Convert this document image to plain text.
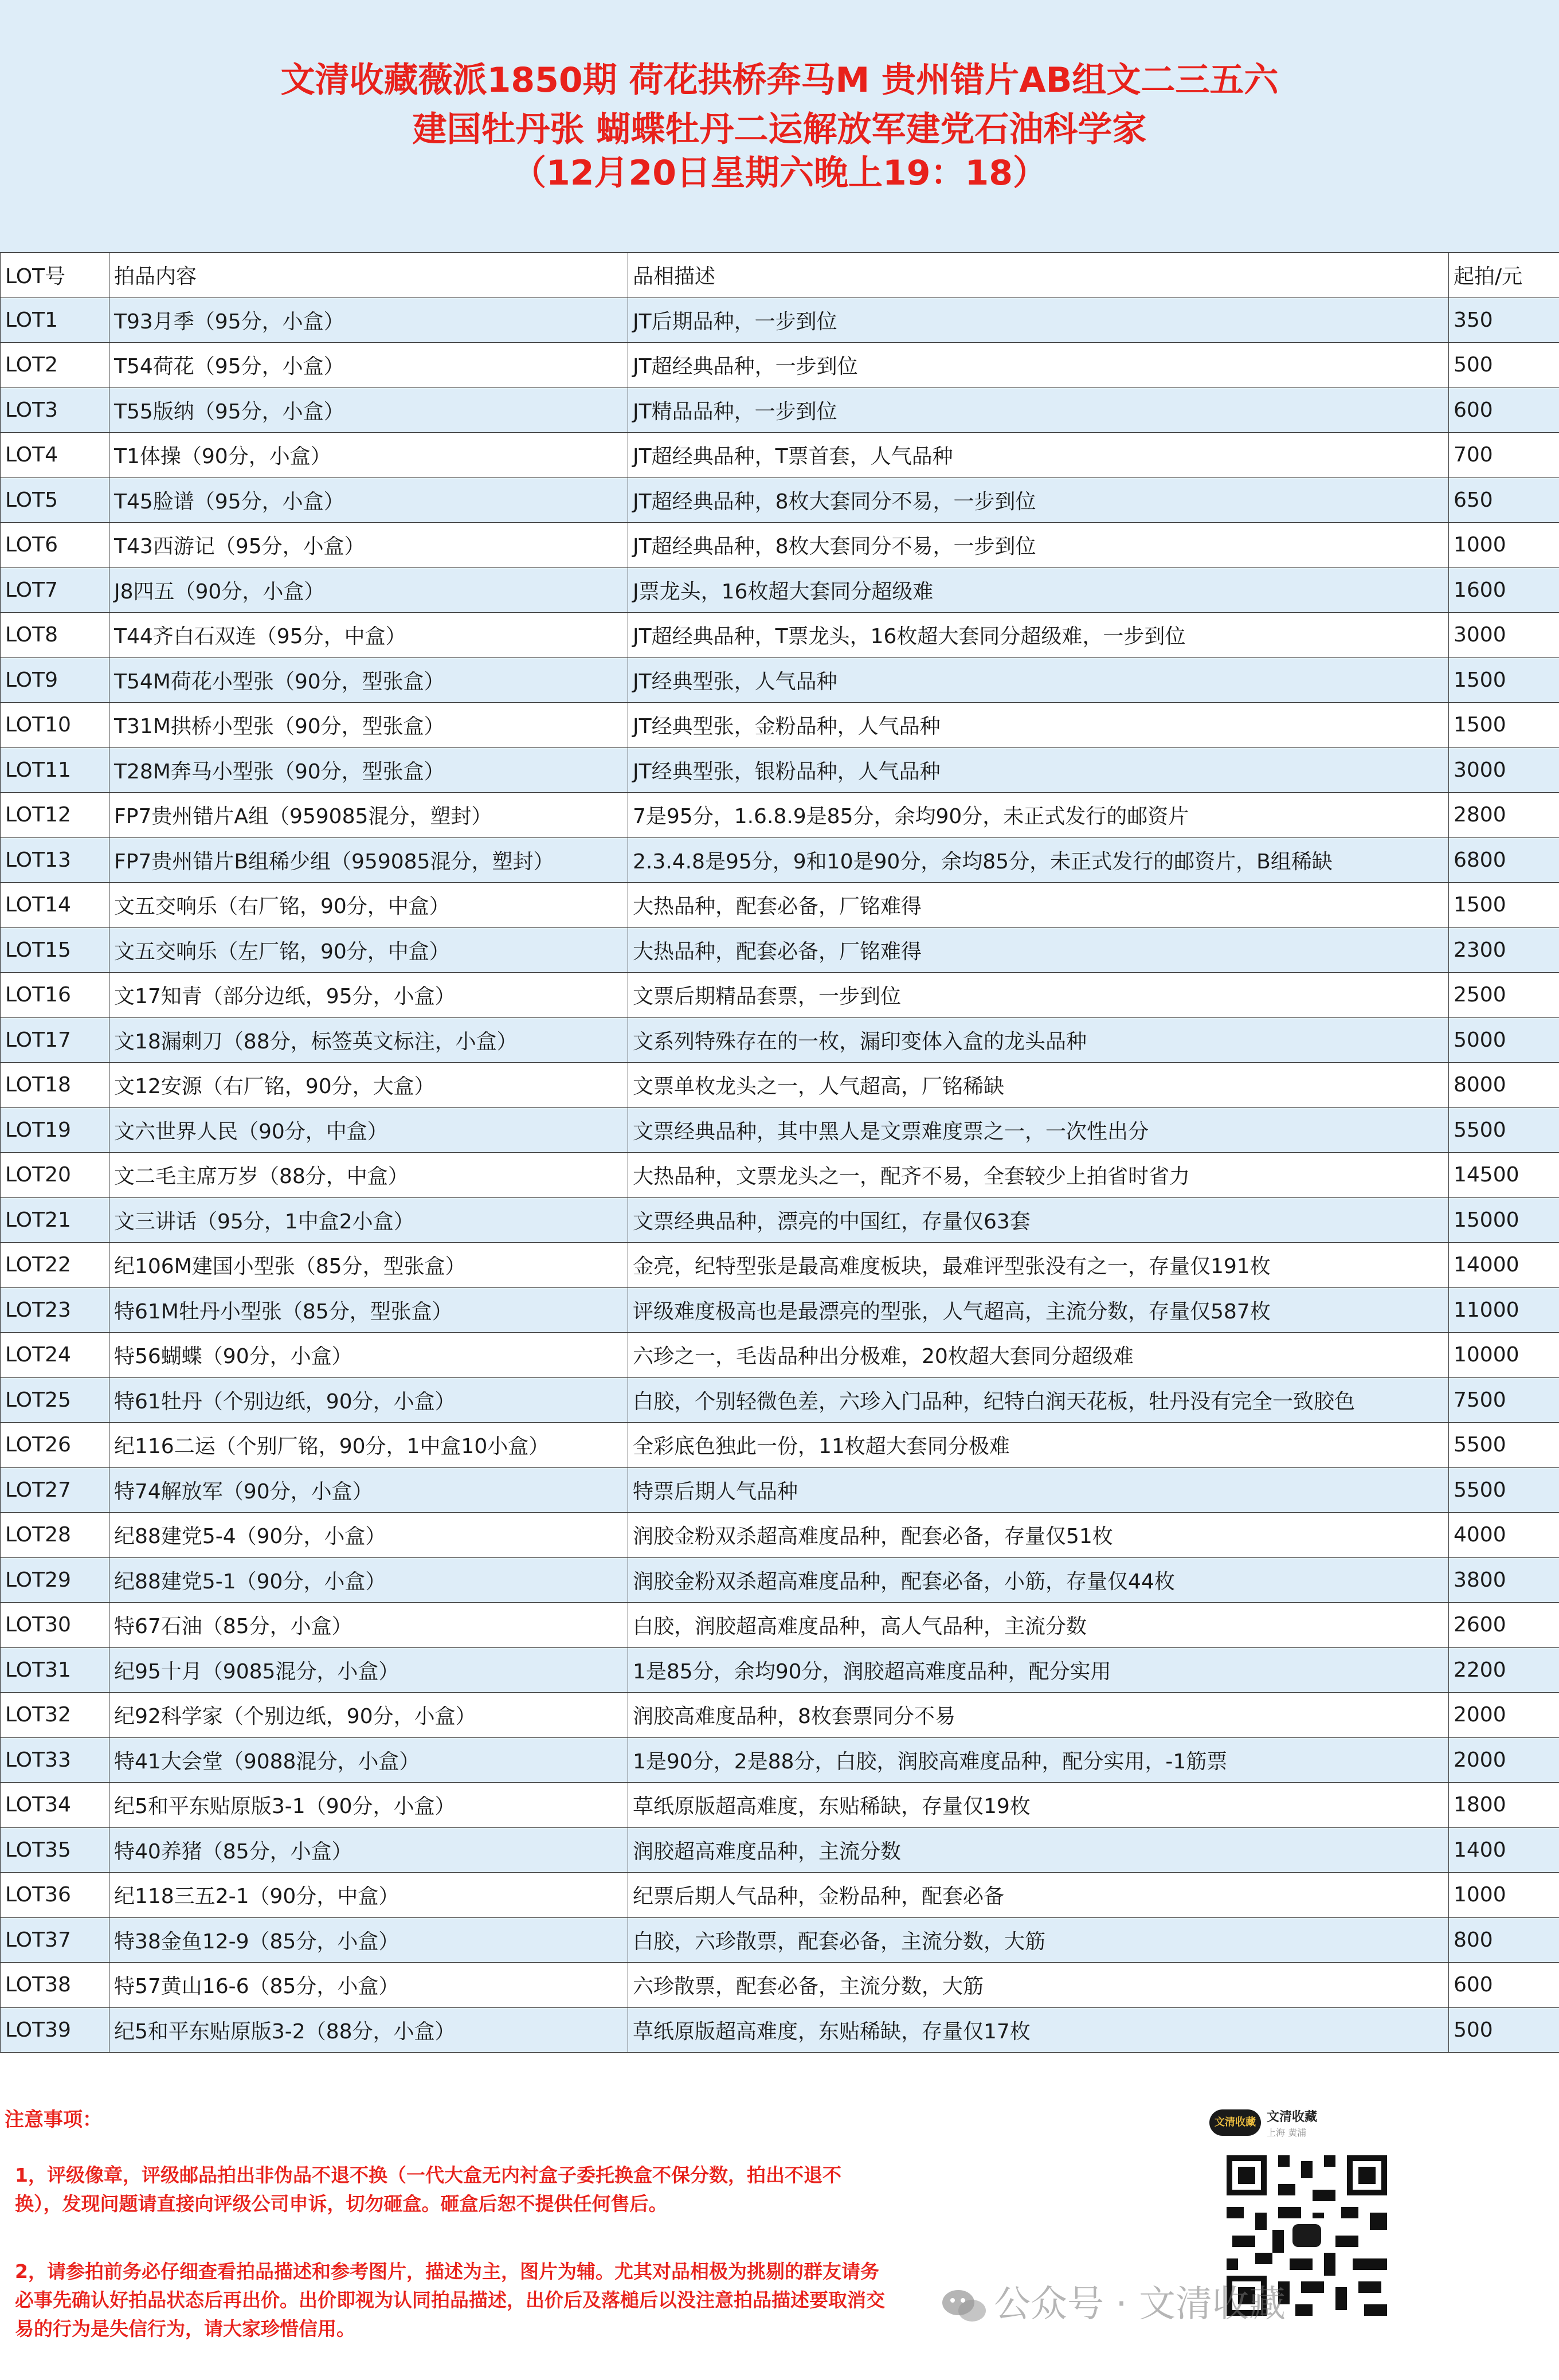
文清收藏薇派1850期 荷花拱桥奔马M 贵州错片AB组文二三五六
建国牡丹张 蝴蝶牡丹二运解放军建党石油科学家
（12月20日星期六晚上19：18）
LOT号	拍品内容	品相描述	起拍/元
LOT1	T93月季（95分，小盒）	JT后期品种，一步到位	350
LOT2	T54荷花（95分，小盒）	JT超经典品种，一步到位	500
LOT3	T55版纳（95分，小盒）	JT精品品种，一步到位	600
LOT4	T1体操（90分，小盒）	JT超经典品种，T票首套，人气品种	700
LOT5	T45脸谱（95分，小盒）	JT超经典品种，8枚大套同分不易，一步到位	650
LOT6	T43西游记（95分，小盒）	JT超经典品种，8枚大套同分不易，一步到位	1000
LOT7	J8四五（90分，小盒）	J票龙头，16枚超大套同分超级难	1600
LOT8	T44齐白石双连（95分，中盒）	JT超经典品种，T票龙头，16枚超大套同分超级难，一步到位	3000
LOT9	T54M荷花小型张（90分，型张盒）	JT经典型张，人气品种	1500
LOT10	T31M拱桥小型张（90分，型张盒）	JT经典型张，金粉品种，人气品种	1500
LOT11	T28M奔马小型张（90分，型张盒）	JT经典型张，银粉品种，人气品种	3000
LOT12	FP7贵州错片A组（959085混分，塑封）	7是95分，1.6.8.9是85分，余均90分，未正式发行的邮资片	2800
LOT13	FP7贵州错片B组稀少组（959085混分，塑封）	2.3.4.8是95分，9和10是90分，余均85分，未正式发行的邮资片，B组稀缺	6800
LOT14	文五交响乐（右厂铭，90分，中盒）	大热品种，配套必备，厂铭难得	1500
LOT15	文五交响乐（左厂铭，90分，中盒）	大热品种，配套必备，厂铭难得	2300
LOT16	文17知青（部分边纸，95分，小盒）	文票后期精品套票，一步到位	2500
LOT17	文18漏刺刀（88分，标签英文标注，小盒）	文系列特殊存在的一枚，漏印变体入盒的龙头品种	5000
LOT18	文12安源（右厂铭，90分，大盒）	文票单枚龙头之一，人气超高，厂铭稀缺	8000
LOT19	文六世界人民（90分，中盒）	文票经典品种，其中黑人是文票难度票之一，一次性出分	5500
LOT20	文二毛主席万岁（88分，中盒）	大热品种，文票龙头之一，配齐不易，全套较少上拍省时省力	14500
LOT21	文三讲话（95分，1中盒2小盒）	文票经典品种，漂亮的中国红，存量仅63套	15000
LOT22	纪106M建国小型张（85分，型张盒）	金亮，纪特型张是最高难度板块，最难评型张没有之一，存量仅191枚	14000
LOT23	特61M牡丹小型张（85分，型张盒）	评级难度极高也是最漂亮的型张，人气超高，主流分数，存量仅587枚	11000
LOT24	特56蝴蝶（90分，小盒）	六珍之一，毛齿品种出分极难，20枚超大套同分超级难	10000
LOT25	特61牡丹（个别边纸，90分，小盒）	白胶，个别轻微色差，六珍入门品种，纪特白润天花板，牡丹没有完全一致胶色	7500
LOT26	纪116二运（个别厂铭，90分，1中盒10小盒）	全彩底色独此一份，11枚超大套同分极难	5500
LOT27	特74解放军（90分，小盒）	特票后期人气品种	5500
LOT28	纪88建党5-4（90分，小盒）	润胶金粉双杀超高难度品种，配套必备，存量仅51枚	4000
LOT29	纪88建党5-1（90分，小盒）	润胶金粉双杀超高难度品种，配套必备，小筋，存量仅44枚	3800
LOT30	特67石油（85分，小盒）	白胶，润胶超高难度品种，高人气品种，主流分数	2600
LOT31	纪95十月（9085混分，小盒）	1是85分，余均90分，润胶超高难度品种，配分实用	2200
LOT32	纪92科学家（个别边纸，90分，小盒）	润胶高难度品种，8枚套票同分不易	2000
LOT33	特41大会堂（9088混分，小盒）	1是90分，2是88分，白胶，润胶高难度品种，配分实用，-1筋票	2000
LOT34	纪5和平东贴原版3-1（90分，小盒）	草纸原版超高难度，东贴稀缺，存量仅19枚	1800
LOT35	特40养猪（85分，小盒）	润胶超高难度品种，主流分数	1400
LOT36	纪118三五2-1（90分，中盒）	纪票后期人气品种，金粉品种，配套必备	1000
LOT37	特38金鱼12-9（85分，小盒）	白胶，六珍散票，配套必备，主流分数，大筋	800
LOT38	特57黄山16-6（85分，小盒）	六珍散票，配套必备，主流分数，大筋	600
LOT39	纪5和平东贴原版3-2（88分，小盒）	草纸原版超高难度，东贴稀缺，存量仅17枚	500
注意事项：
1，评级像章，评级邮品拍出非伪品不退不换（一代大盒无内衬盒子委托换盒不保分数，拍出不退不换），发现问题请直接向评级公司申诉，切勿砸盒。砸盒后恕不提供任何售后。
2，请参拍前务必仔细查看拍品描述和参考图片，描述为主，图片为辅。尤其对品相极为挑剔的群友请务必事先确认好拍品状态后再出价。出价即视为认同拍品描述，出价后及落槌后以没注意拍品描述要取消交易的行为是失信行为，请大家珍惜信用。
文清收藏 文清收藏
上海 黄浦
公众号 · 文清收藏
